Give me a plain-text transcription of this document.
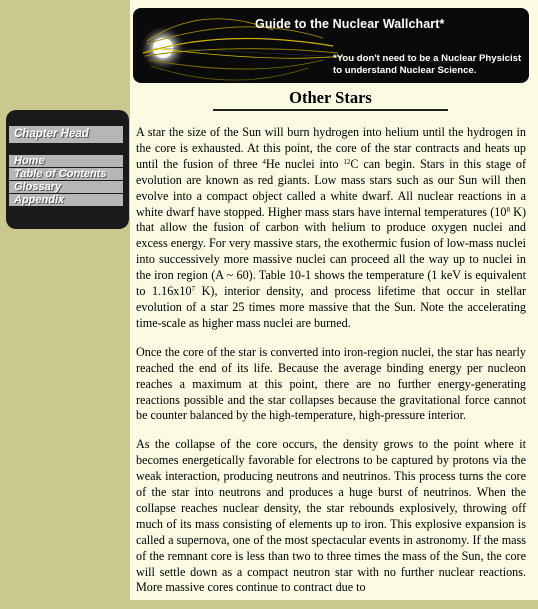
Guide to the Nuclear Wallchart*
*You don't need to be a Nuclear Physicist to understand Nuclear Science.
Other Stars
Chapter Head
Home
Table of Contents
Glossary
Appendix

A star the size of the Sun will burn hydrogen into helium until the hydrogen in the core is exhausted. At this point, the core of the star contracts and heats up until the fusion of three $^4$He nuclei into $^{12}$C can begin. Stars in this stage of evolution are known as red giants. Low mass stars such as our Sun will then evolve into a compact object called a white dwarf. All nuclear reactions in a white dwarf have stopped. Higher mass stars have internal temperatures ($10^8$ K) that allow the fusion of carbon with helium to produce oxygen nuclei and excess energy. For very massive stars, the exothermic fusion of low-mass nuclei into successively more massive nuclei can proceed all the way up to nuclei in the iron region (A ~ 60). Table 10-1 shows the temperature (1 keV is equivalent to $1.16x10^7$ K), interior density, and process lifetime that occur in stellar evolution of a star 25 times more massive that the Sun. Note the accelerating time-scale as higher mass nuclei are burned.

Once the core of the star is converted into iron-region nuclei, the star has nearly reached the end of its life. Because the average binding energy per nucleon reaches a maximum at this point, there are no further energy-generating reactions possible and the star collapses because the gravitational force cannot be counter balanced by the high-temperature, high-pressure interior.

As the collapse of the core occurs, the density grows to the point where it becomes energetically favorable for electrons to be captured by protons via the weak interaction, producing neutrons and neutrinos. This process turns the core of the star into neutrons and produces a huge burst of neutrinos. When the collapse reaches nuclear density, the star rebounds explosively, throwing off much of its mass consisting of elements up to iron. This explosive expansion is called a supernova, one of the most spectacular events in astronomy. If the mass of the remnant core is less than two to three times the mass of the Sun, the core will settle down as a compact neutron star with no further nuclear reactions. More massive cores continue to contract due to
